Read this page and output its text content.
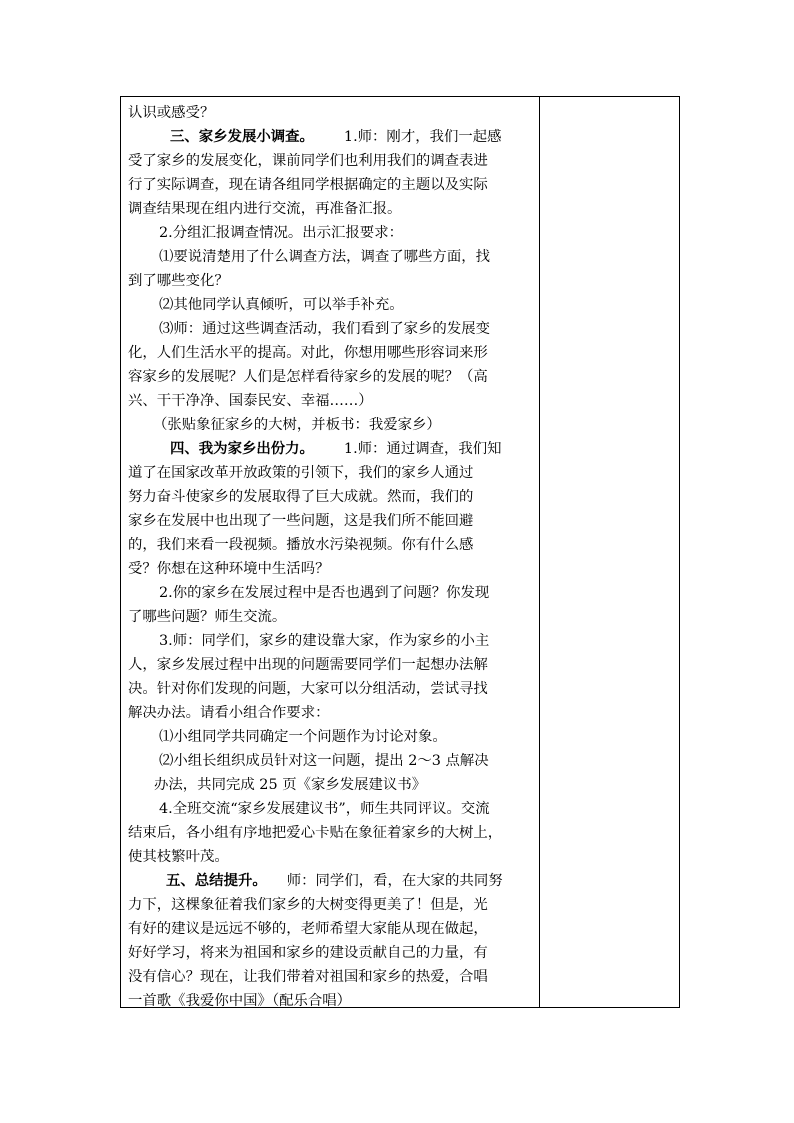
认识或感受？
三、家乡发展小调查。 1.师：刚才，我们一起感
受了家乡的发展变化，课前同学们也利用我们的调查表进
行了实际调查，现在请各组同学根据确定的主题以及实际
调查结果现在组内进行交流，再准备汇报。
2.分组汇报调查情况。出示汇报要求：
⑴要说清楚用了什么调查方法，调查了哪些方面，找
到了哪些变化？
⑵其他同学认真倾听，可以举手补充。
⑶师：通过这些调查活动，我们看到了家乡的发展变
化，人们生活水平的提高。对此，你想用哪些形容词来形
容家乡的发展呢？人们是怎样看待家乡的发展的呢？（高
兴、干干净净、国泰民安、幸福……）
（张贴象征家乡的大树，并板书：我爱家乡）
四、我为家乡出份力。 1.师：通过调查，我们知
道了在国家改革开放政策的引领下，我们的家乡人通过
努力奋斗使家乡的发展取得了巨大成就。然而，我们的
家乡在发展中也出现了一些问题，这是我们所不能回避
的，我们来看一段视频。播放水污染视频。你有什么感
受？你想在这种环境中生活吗？
2.你的家乡在发展过程中是否也遇到了问题？你发现
了哪些问题？师生交流。
3.师：同学们，家乡的建设靠大家，作为家乡的小主
人，家乡发展过程中出现的问题需要同学们一起想办法解
决。针对你们发现的问题，大家可以分组活动，尝试寻找
解决办法。请看小组合作要求：
⑴小组同学共同确定一个问题作为讨论对象。
⑵小组长组织成员针对这一问题，提出 2～3 点解决
办法，共同完成 25 页《家乡发展建议书》
4.全班交流“家乡发展建议书”，师生共同评议。交流
结束后，各小组有序地把爱心卡贴在象征着家乡的大树上，
使其枝繁叶茂。
五、总结提升。 师：同学们，看，在大家的共同努
力下，这棵象征着我们家乡的大树变得更美了！但是，光
有好的建议是远远不够的，老师希望大家能从现在做起，
好好学习，将来为祖国和家乡的建设贡献自己的力量，有
没有信心？现在，让我们带着对祖国和家乡的热爱，合唱
一首歌《我爱你中国》（配乐合唱）
